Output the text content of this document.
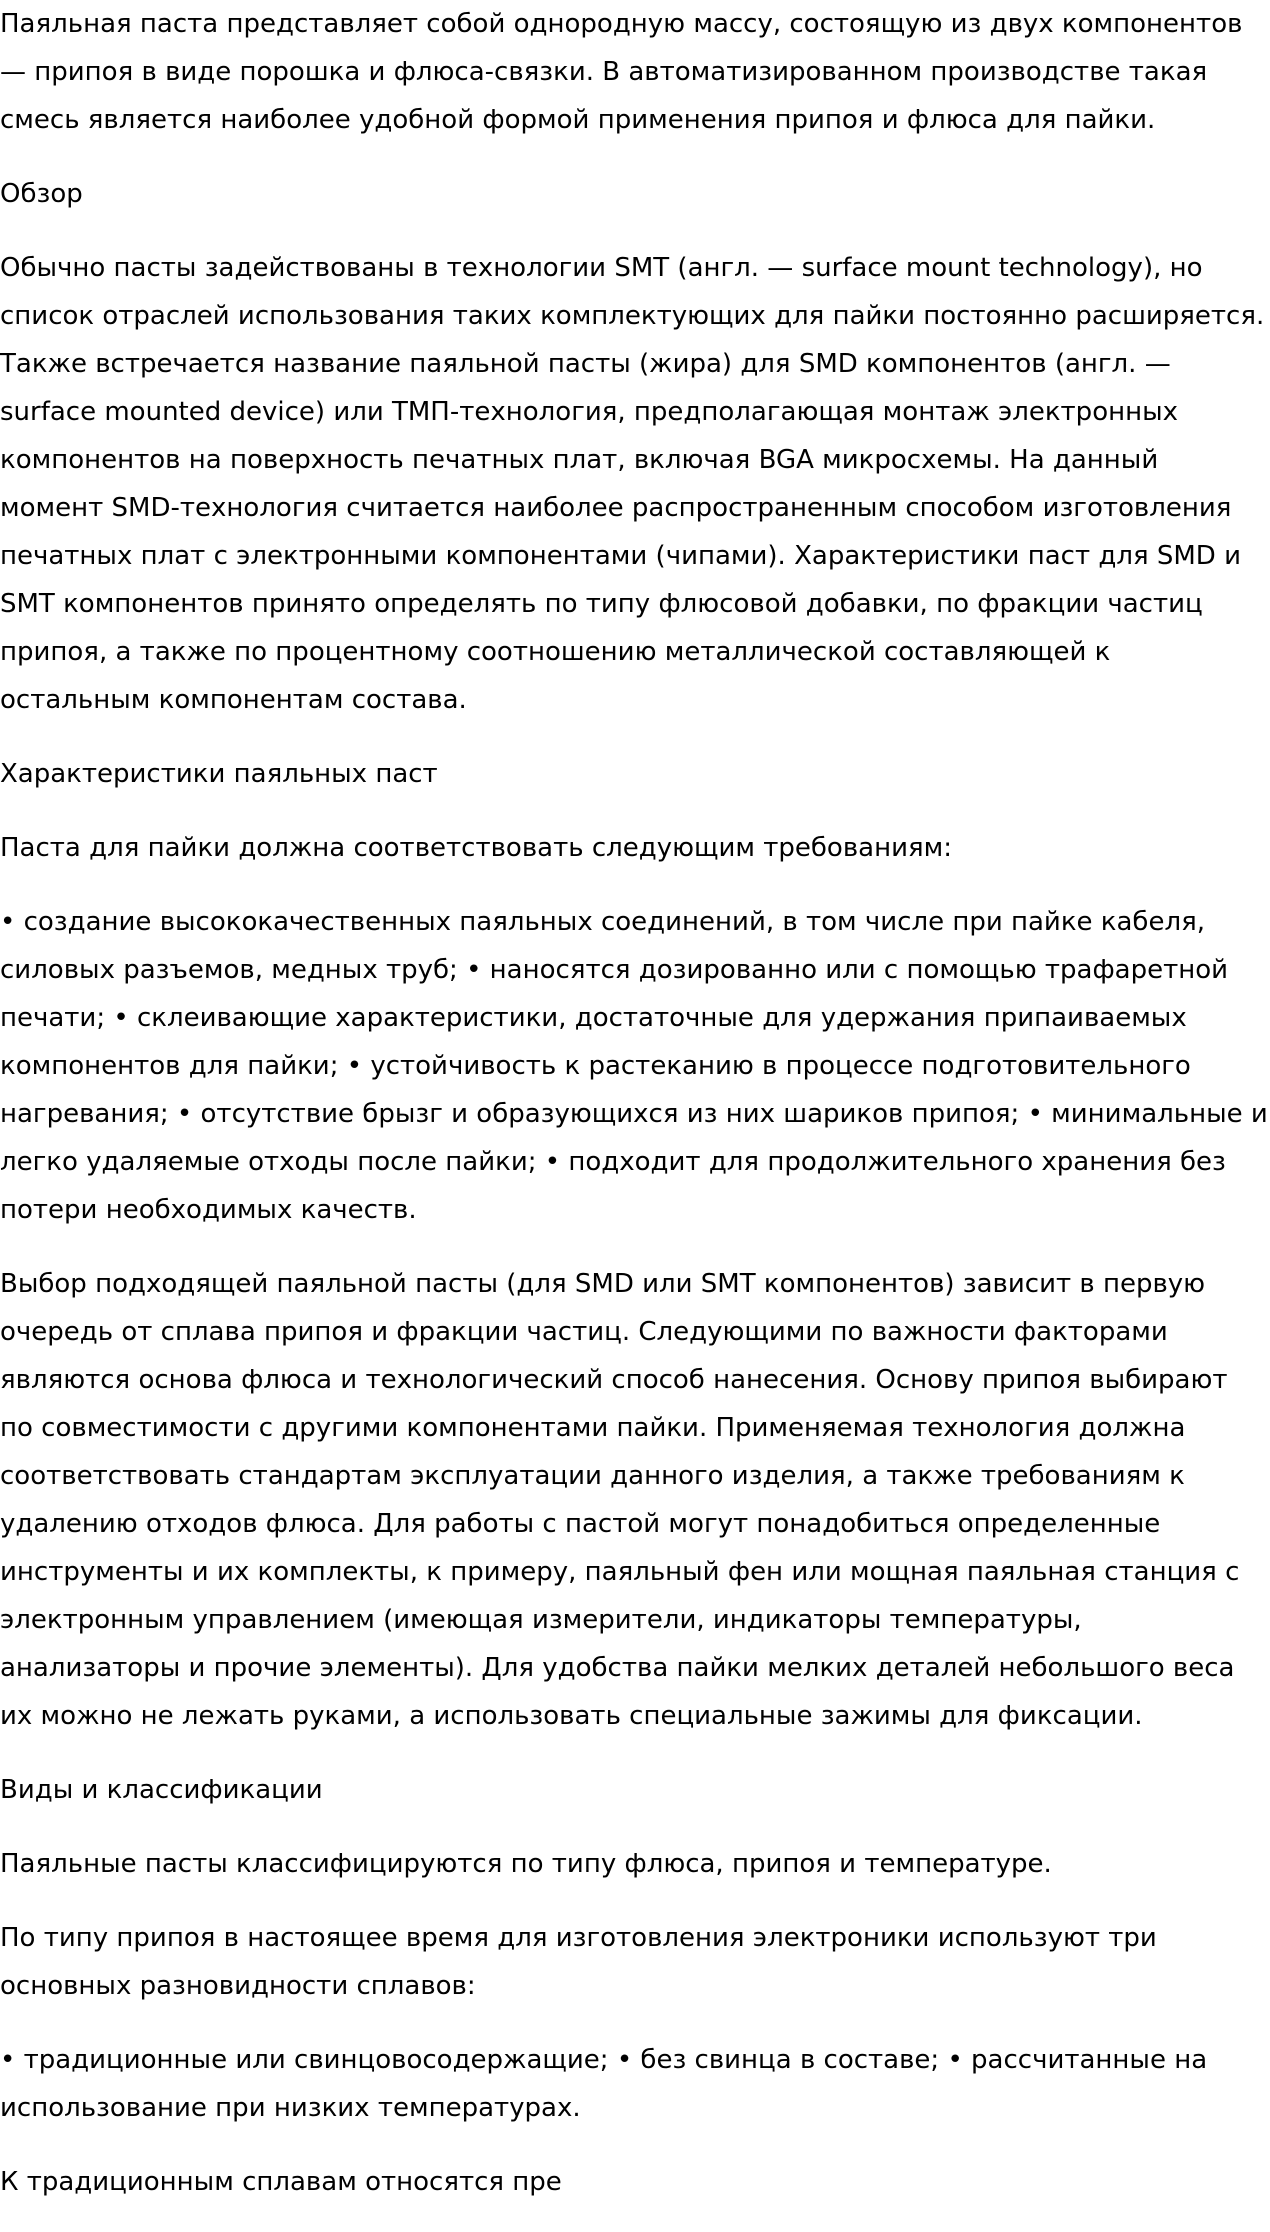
Паяльная паста представляет собой однородную массу, состоящую из двух компонентов — припоя в виде порошка и флюса-связки. В автоматизированном производстве такая смесь является наиболее удобной формой применения припоя и флюса для пайки.

Обзор

Обычно пасты задействованы в технологии SMT (англ. — surface mount technology), но список отраслей использования таких комплектующих для пайки постоянно расширяется. Также встречается название паяльной пасты (жира) для SMD компонентов (англ. — surface mounted device) или ТМП-технология, предполагающая монтаж электронных компонентов на поверхность печатных плат, включая BGA микросхемы. На данный момент SMD-технология считается наиболее распространенным способом изготовления печатных плат с электронными компонентами (чипами). Характеристики паст для SMD и SMT компонентов принято определять по типу флюсовой добавки, по фракции частиц припоя, а также по процентному соотношению металлической составляющей к остальным компонентам состава.

Характеристики паяльных паст

Паста для пайки должна соответствовать следующим требованиям:

• создание высококачественных паяльных соединений, в том числе при пайке кабеля, силовых разъемов, медных труб; • наносятся дозированно или с помощью трафаретной печати; • склеивающие характеристики, достаточные для удержания припаиваемых компонентов для пайки; • устойчивость к растеканию в процессе подготовительного нагревания; • отсутствие брызг и образующихся из них шариков припоя; • минимальные и легко удаляемые отходы после пайки; • подходит для продолжительного хранения без потери необходимых качеств.

Выбор подходящей паяльной пасты (для SMD или SMT компонентов) зависит в первую очередь от сплава припоя и фракции частиц. Следующими по важности факторами являются основа флюса и технологический способ нанесения. Основу припоя выбирают по совместимости с другими компонентами пайки. Применяемая технология должна соответствовать стандартам эксплуатации данного изделия, а также требованиям к удалению отходов флюса. Для работы с пастой могут понадобиться определенные инструменты и их комплекты, к примеру, паяльный фен или мощная паяльная станция с электронным управлением (имеющая измерители, индикаторы температуры, анализаторы и прочие элементы). Для удобства пайки мелких деталей небольшого веса их можно не лежать руками, а использовать специальные зажимы для фиксации.

Виды и классификации

Паяльные пасты классифицируются по типу флюса, припоя и температуре.

По типу припоя в настоящее время для изготовления электроники используют три основных разновидности сплавов:

• традиционные или свинцовосодержащие; • без свинца в составе; • рассчитанные на использование при низких температурах.

К традиционным сплавам относятся пре
